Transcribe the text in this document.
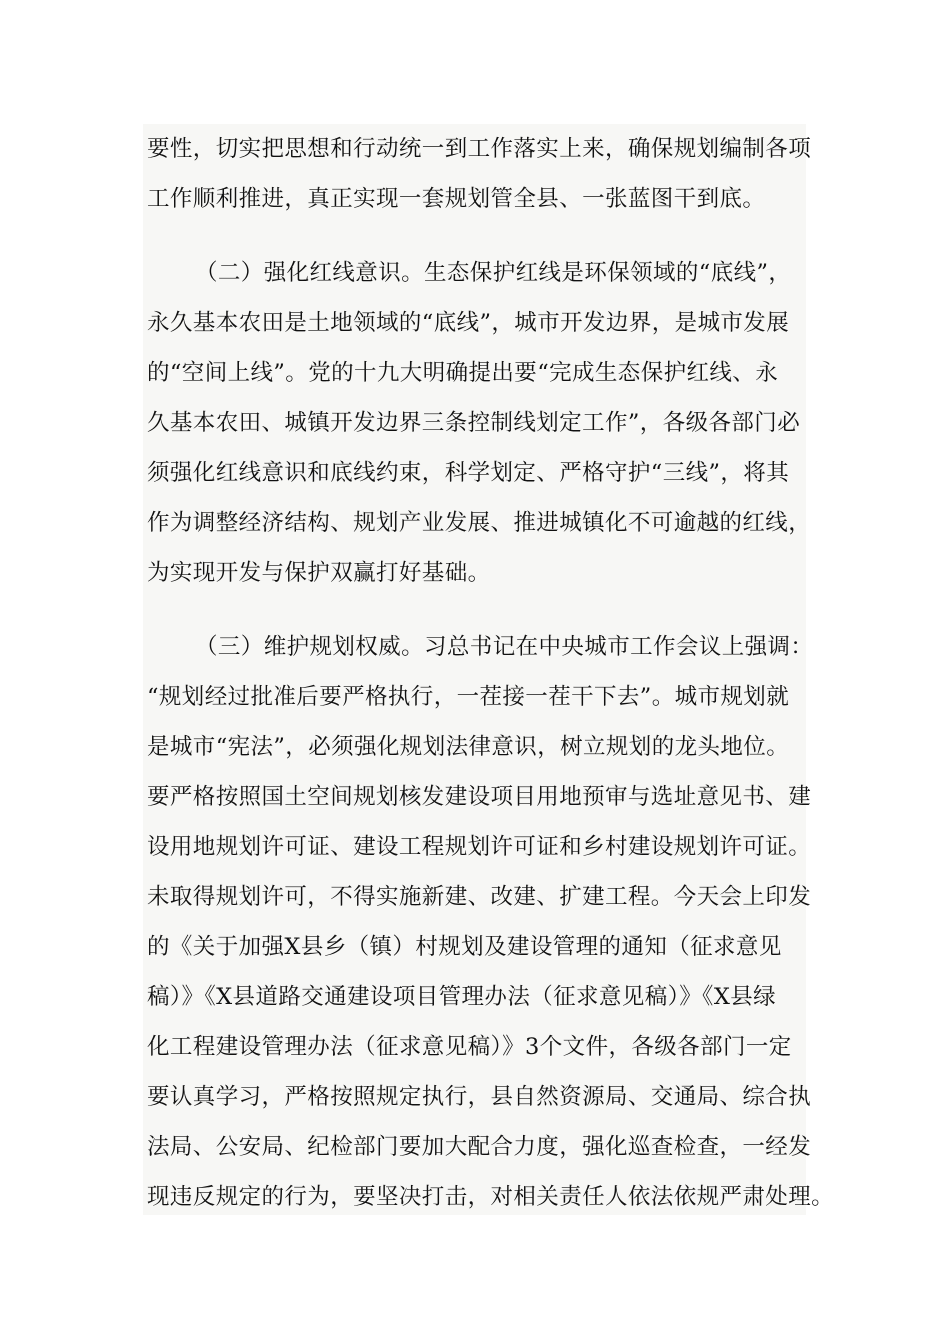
要性，切实把思想和行动统一到工作落实上来，确保规划编制各项
工作顺利推进，真正实现一套规划管全县、一张蓝图干到底。
（二）强化红线意识。生态保护红线是环保领域的“底线”，
永久基本农田是土地领域的“底线”，城市开发边界，是城市发展
的“空间上线”。党的十九大明确提出要“完成生态保护红线、永
久基本农田、城镇开发边界三条控制线划定工作”，各级各部门必
须强化红线意识和底线约束，科学划定、严格守护“三线”，将其
作为调整经济结构、规划产业发展、推进城镇化不可逾越的红线，
为实现开发与保护双赢打好基础。
（三）维护规划权威。习总书记在中央城市工作会议上强调：
“规划经过批准后要严格执行，一茬接一茬干下去”。城市规划就
是城市“宪法”，必须强化规划法律意识，树立规划的龙头地位。
要严格按照国土空间规划核发建设项目用地预审与选址意见书、建
设用地规划许可证、建设工程规划许可证和乡村建设规划许可证。
未取得规划许可，不得实施新建、改建、扩建工程。今天会上印发
的《关于加强X县乡（镇）村规划及建设管理的通知（征求意见
稿）》《X县道路交通建设项目管理办法（征求意见稿）》《X县绿
化工程建设管理办法（征求意见稿）》3个文件，各级各部门一定
要认真学习，严格按照规定执行，县自然资源局、交通局、综合执
法局、公安局、纪检部门要加大配合力度，强化巡查检查，一经发
现违反规定的行为，要坚决打击，对相关责任人依法依规严肃处理。
